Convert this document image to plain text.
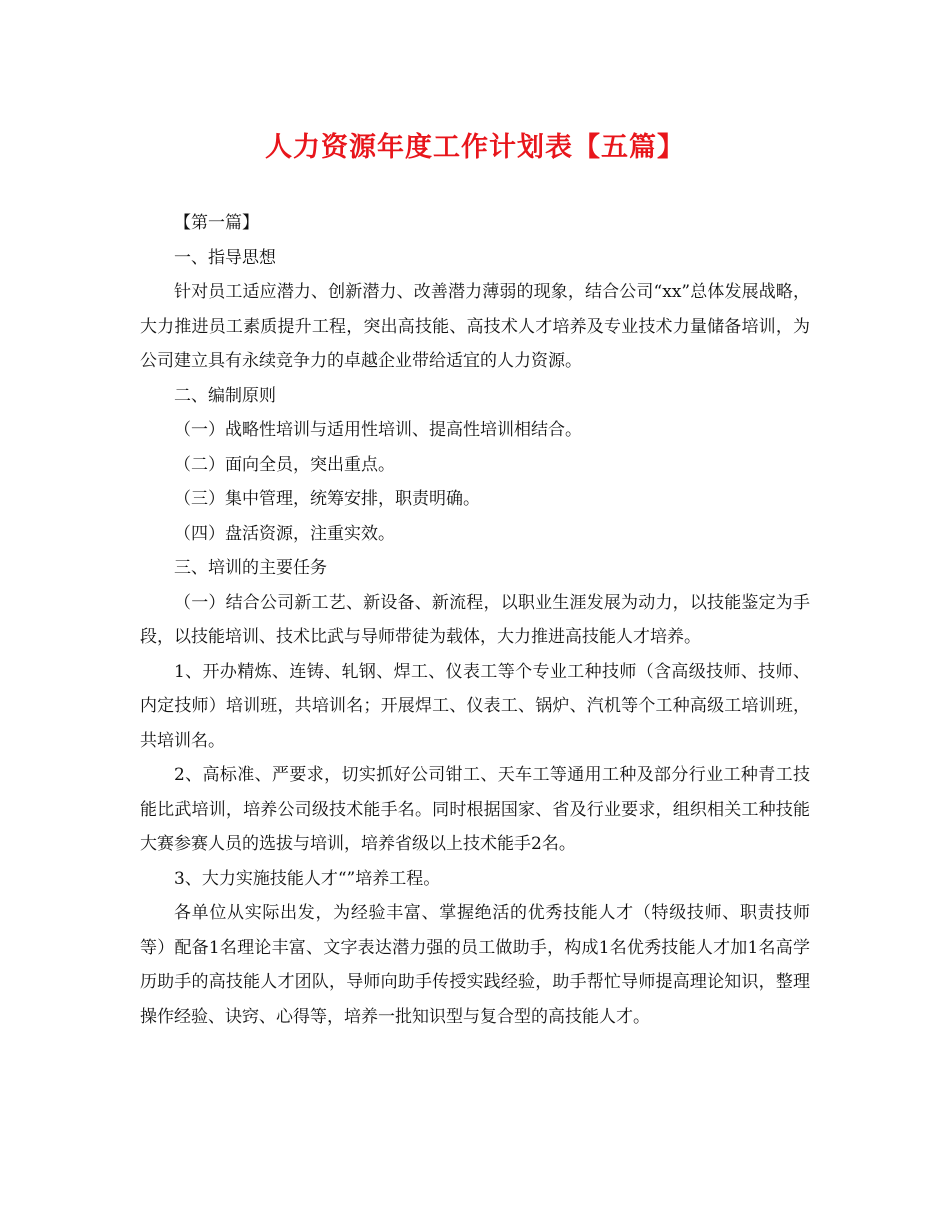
人力资源年度工作计划表【五篇】

【第一篇】

一、指导思想

针对员工适应潜力、创新潜力、改善潜力薄弱的现象，结合公司“xx”总体发展战略，大力推进员工素质提升工程，突出高技能、高技术人才培养及专业技术力量储备培训，为公司建立具有永续竞争力的卓越企业带给适宜的人力资源。

二、编制原则

（一）战略性培训与适用性培训、提高性培训相结合。

（二）面向全员，突出重点。

（三）集中管理，统筹安排，职责明确。

（四）盘活资源，注重实效。

三、培训的主要任务

（一）结合公司新工艺、新设备、新流程，以职业生涯发展为动力，以技能鉴定为手段，以技能培训、技术比武与导师带徒为载体，大力推进高技能人才培养。

1、开办精炼、连铸、轧钢、焊工、仪表工等个专业工种技师（含高级技师、技师、内定技师）培训班，共培训名；开展焊工、仪表工、锅炉、汽机等个工种高级工培训班，共培训名。

2、高标准、严要求，切实抓好公司钳工、天车工等通用工种及部分行业工种青工技能比武培训，培养公司级技术能手名。同时根据国家、省及行业要求，组织相关工种技能大赛参赛人员的选拔与培训，培养省级以上技术能手2名。

3、大力实施技能人才“”培养工程。

各单位从实际出发，为经验丰富、掌握绝活的优秀技能人才（特级技师、职责技师等）配备1名理论丰富、文字表达潜力强的员工做助手，构成1名优秀技能人才加1名高学历助手的高技能人才团队，导师向助手传授实践经验，助手帮忙导师提高理论知识，整理操作经验、诀窍、心得等，培养一批知识型与复合型的高技能人才。
